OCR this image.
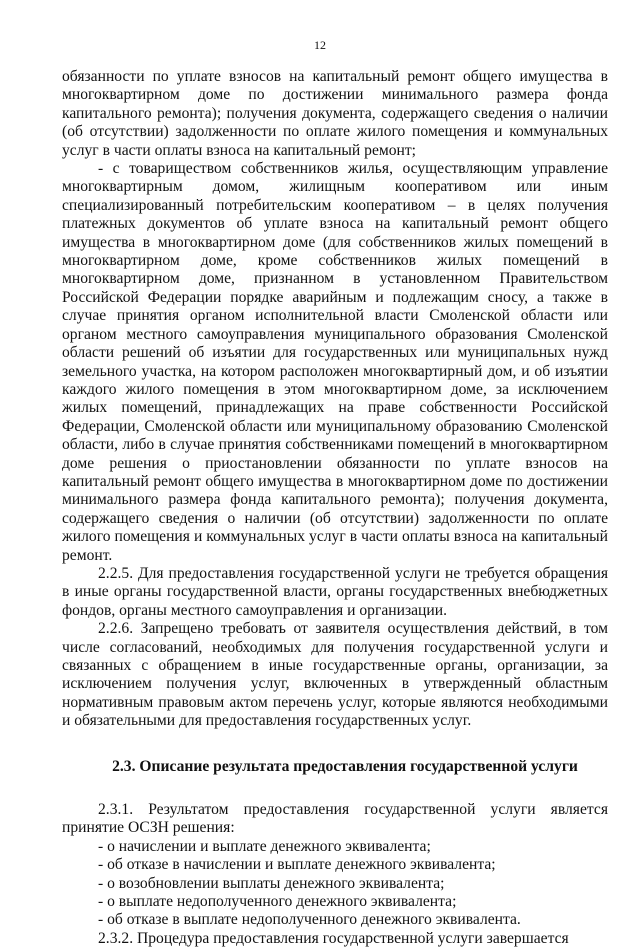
12

обязанности по уплате взносов на капитальный ремонт общего имущества в многоквартирном доме по достижении минимального размера фонда капитального ремонта); получения документа, содержащего сведения о наличии (об отсутствии) задолженности по оплате жилого помещения и коммунальных услуг в части оплаты взноса на капитальный ремонт;

- с товариществом собственников жилья, осуществляющим управление многоквартирным домом, жилищным кооперативом или иным специализированный потребительским кооперативом – в целях получения платежных документов об уплате взноса на капитальный ремонт общего имущества в многоквартирном доме (для собственников жилых помещений в многоквартирном доме, кроме собственников жилых помещений в многоквартирном доме, признанном в установленном Правительством Российской Федерации порядке аварийным и подлежащим сносу, а также в случае принятия органом исполнительной власти Смоленской области или органом местного самоуправления муниципального образования Смоленской области решений об изъятии для государственных или муниципальных нужд земельного участка, на котором расположен многоквартирный дом, и об изъятии каждого жилого помещения в этом многоквартирном доме, за исключением жилых помещений, принадлежащих на праве собственности Российской Федерации, Смоленской области или муниципальному образованию Смоленской области, либо в случае принятия собственниками помещений в многоквартирном доме решения о приостановлении обязанности по уплате взносов на капитальный ремонт общего имущества в многоквартирном доме по достижении минимального размера фонда капитального ремонта); получения документа, содержащего сведения о наличии (об отсутствии) задолженности по оплате жилого помещения и коммунальных услуг в части оплаты взноса на капитальный ремонт.

2.2.5. Для предоставления государственной услуги не требуется обращения в иные органы государственной власти, органы государственных внебюджетных фондов, органы местного самоуправления и организации.

2.2.6. Запрещено требовать от заявителя осуществления действий, в том числе согласований, необходимых для получения государственной услуги и связанных с обращением в иные государственные органы, организации, за исключением получения услуг, включенных в утвержденный областным нормативным правовым актом перечень услуг, которые являются необходимыми и обязательными для предоставления государственных услуг.

2.3. Описание результата предоставления государственной услуги

2.3.1. Результатом предоставления государственной услуги является принятие ОСЗН решения:

- о начислении и выплате денежного эквивалента;
- об отказе в начислении и выплате денежного эквивалента;
- о возобновлении выплаты денежного эквивалента;
- о выплате недополученного денежного эквивалента;
- об отказе в выплате недополученного денежного эквивалента.

2.3.2. Процедура предоставления государственной услуги завершается
